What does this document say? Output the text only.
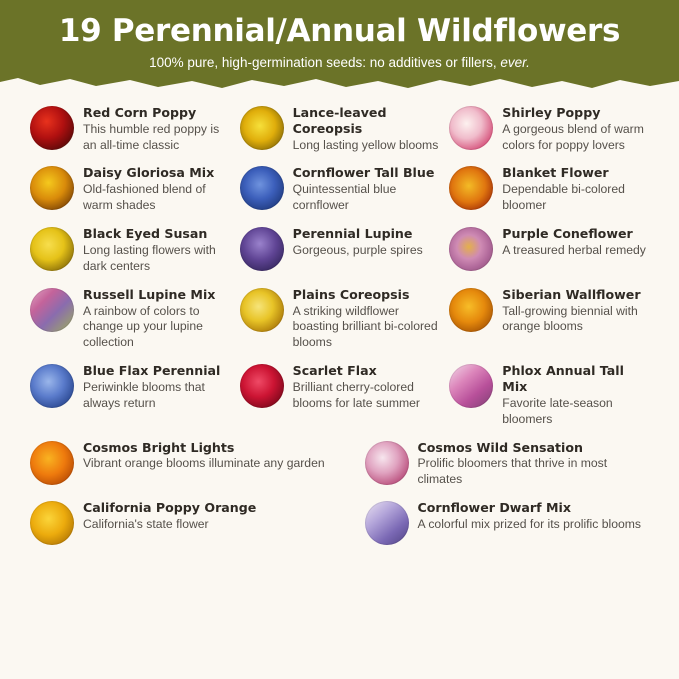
19 Perennial/Annual Wildflowers

100% pure, high-germination seeds: no additives or fillers, ever.

Red Corn Poppy

This humble red poppy is an all-time classic

Lance-leaved Coreopsis

Long lasting yellow blooms

Shirley Poppy

A gorgeous blend of warm colors for poppy lovers

Daisy Gloriosa Mix

Old-fashioned blend of warm shades

Cornflower Tall Blue

Quintessential blue cornflower

Blanket Flower

Dependable bi-colored bloomer

Black Eyed Susan

Long lasting flowers with dark centers

Perennial Lupine

Gorgeous, purple spires

Purple Coneflower

A treasured herbal remedy

Russell Lupine Mix

A rainbow of colors to change up your lupine collection

Plains Coreopsis

A striking wildflower boasting brilliant bi-colored blooms

Siberian Wallflower

Tall-growing biennial with orange blooms

Blue Flax Perennial

Periwinkle blooms that always return

Scarlet Flax

Brilliant cherry-colored blooms for late summer

Phlox Annual Tall Mix

Favorite late-season bloomers

Cosmos Bright Lights

Vibrant orange blooms illuminate any garden

Cosmos Wild Sensation

Prolific bloomers that thrive in most climates

California Poppy Orange

California's state flower

Cornflower Dwarf Mix

A colorful mix prized for its prolific blooms
